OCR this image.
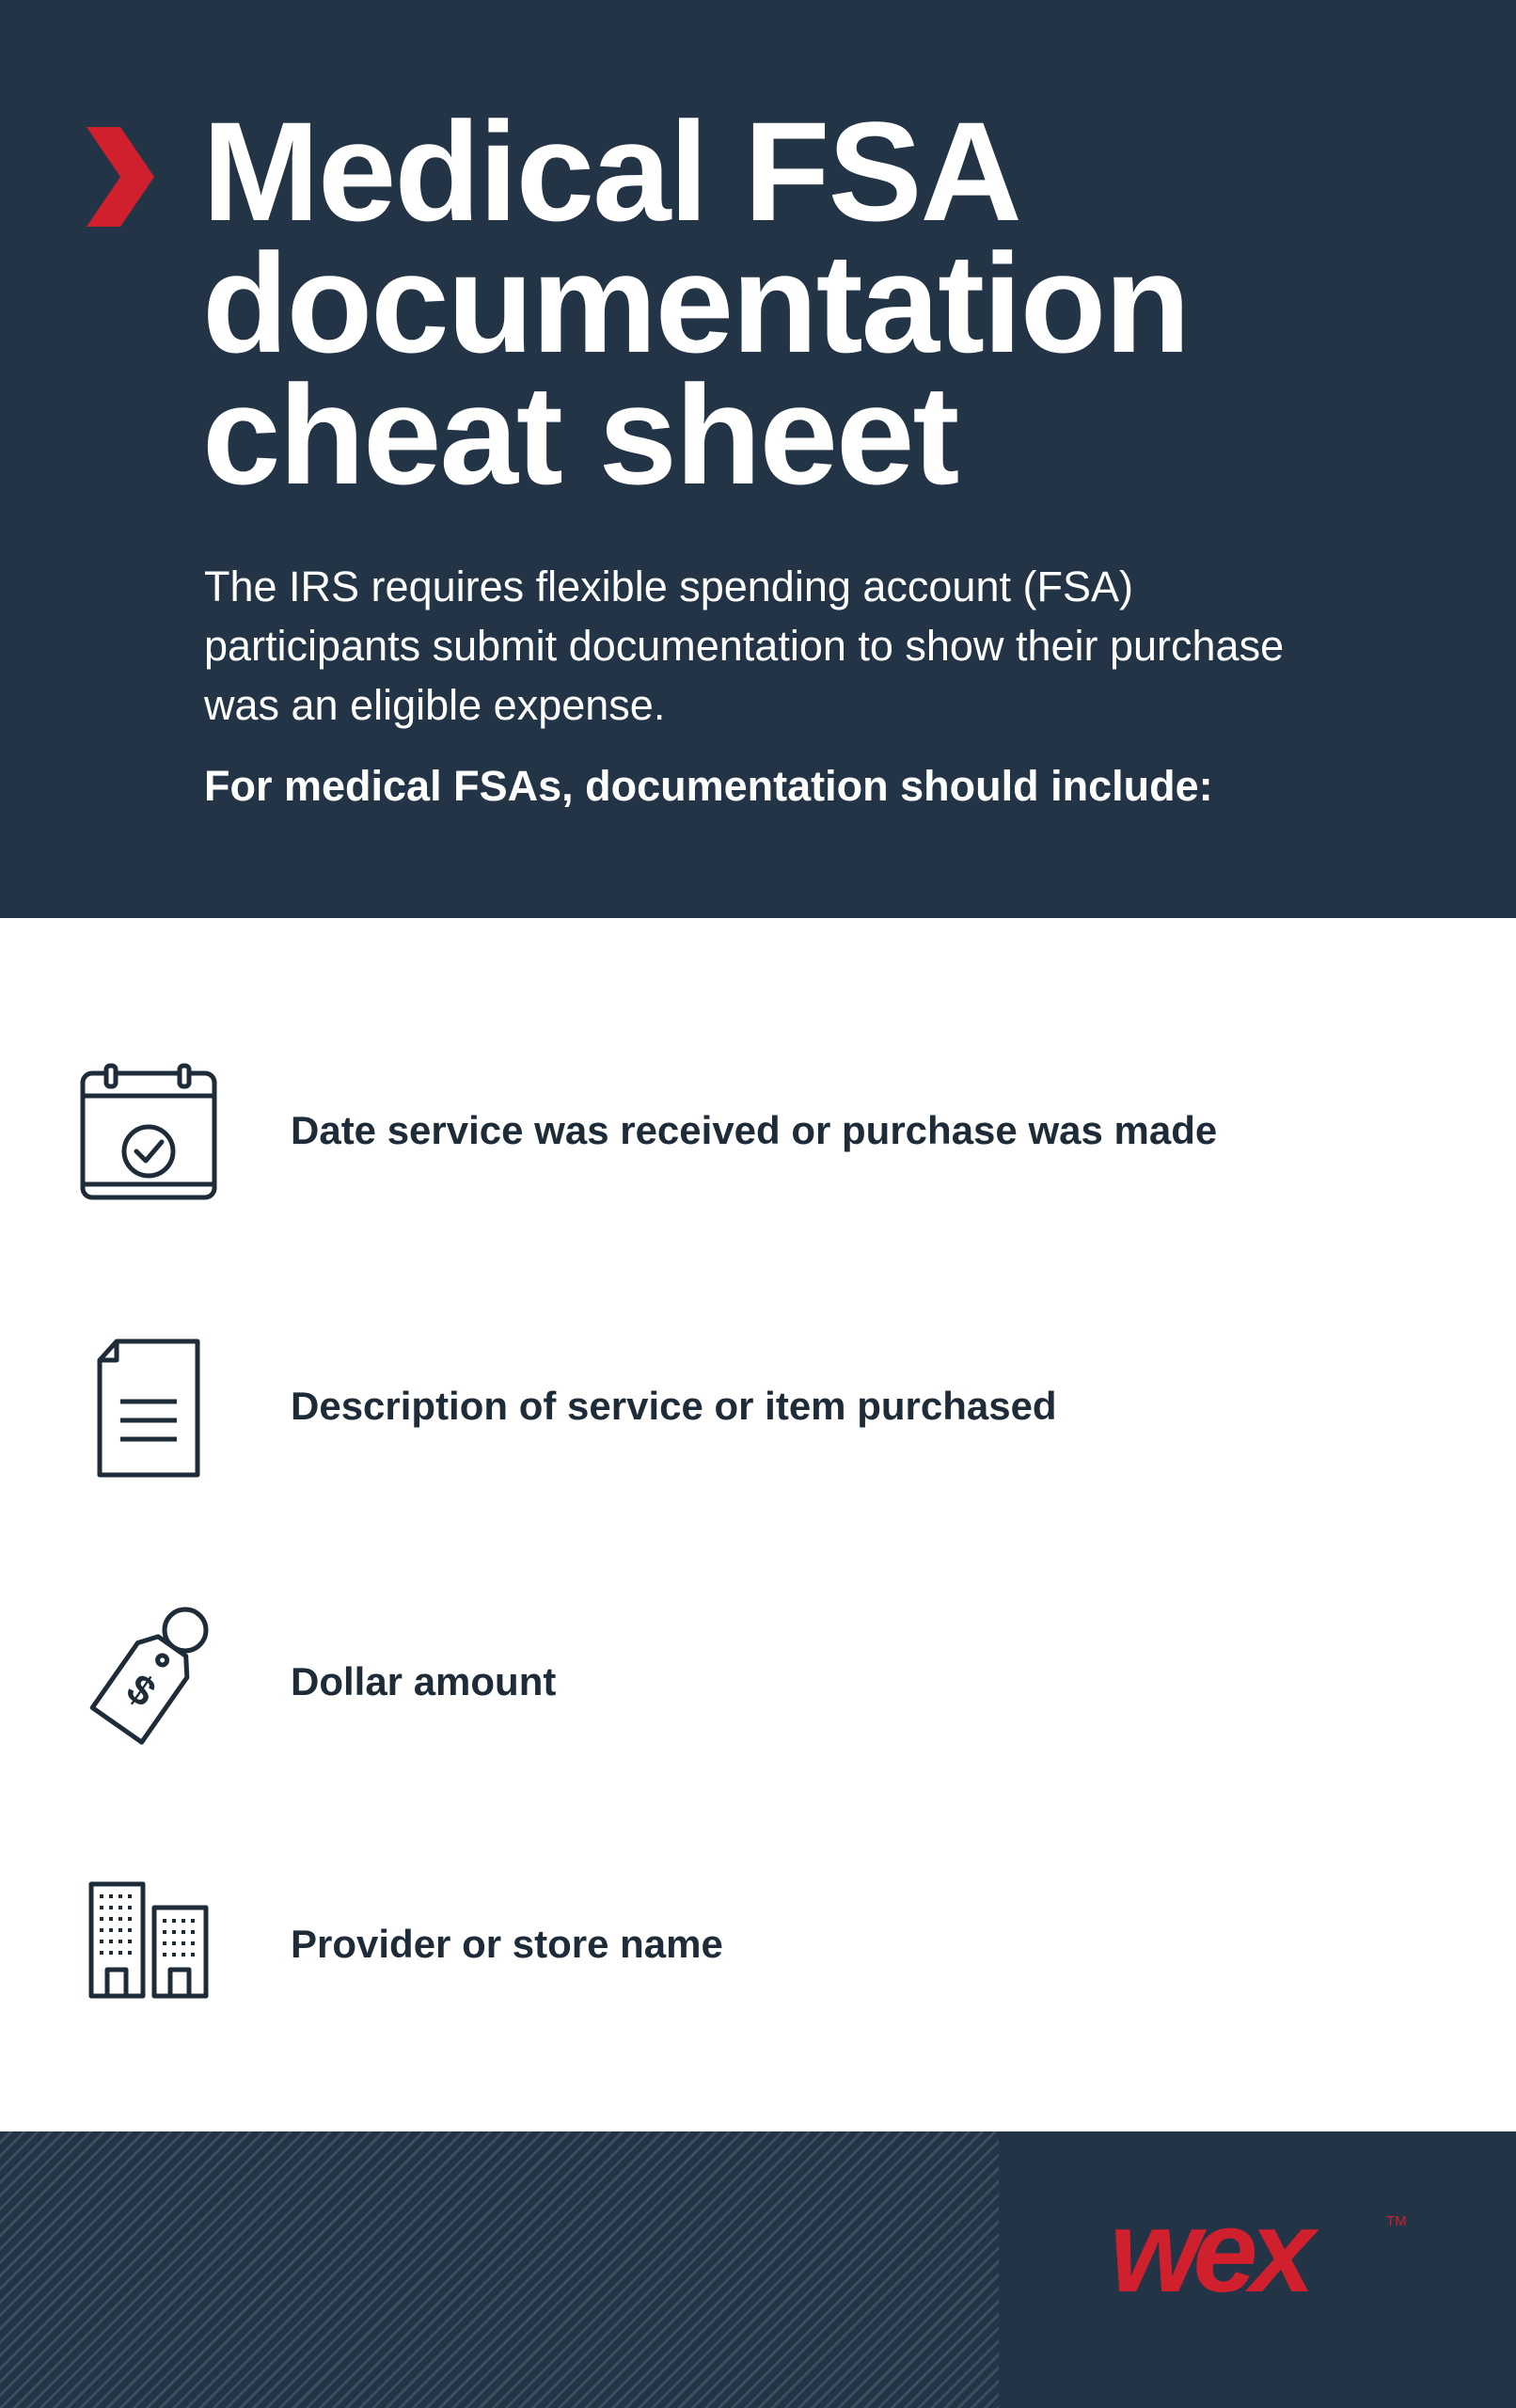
Medical FSA
documentation
cheat sheet

The IRS requires flexible spending account (FSA) participants submit documentation to show their purchase was an eligible expense.

For medical FSAs, documentation should include:

Date service was received or purchase was made
Description of service or item purchased
$	Dollar amount
Provider or store name
wex	TM
